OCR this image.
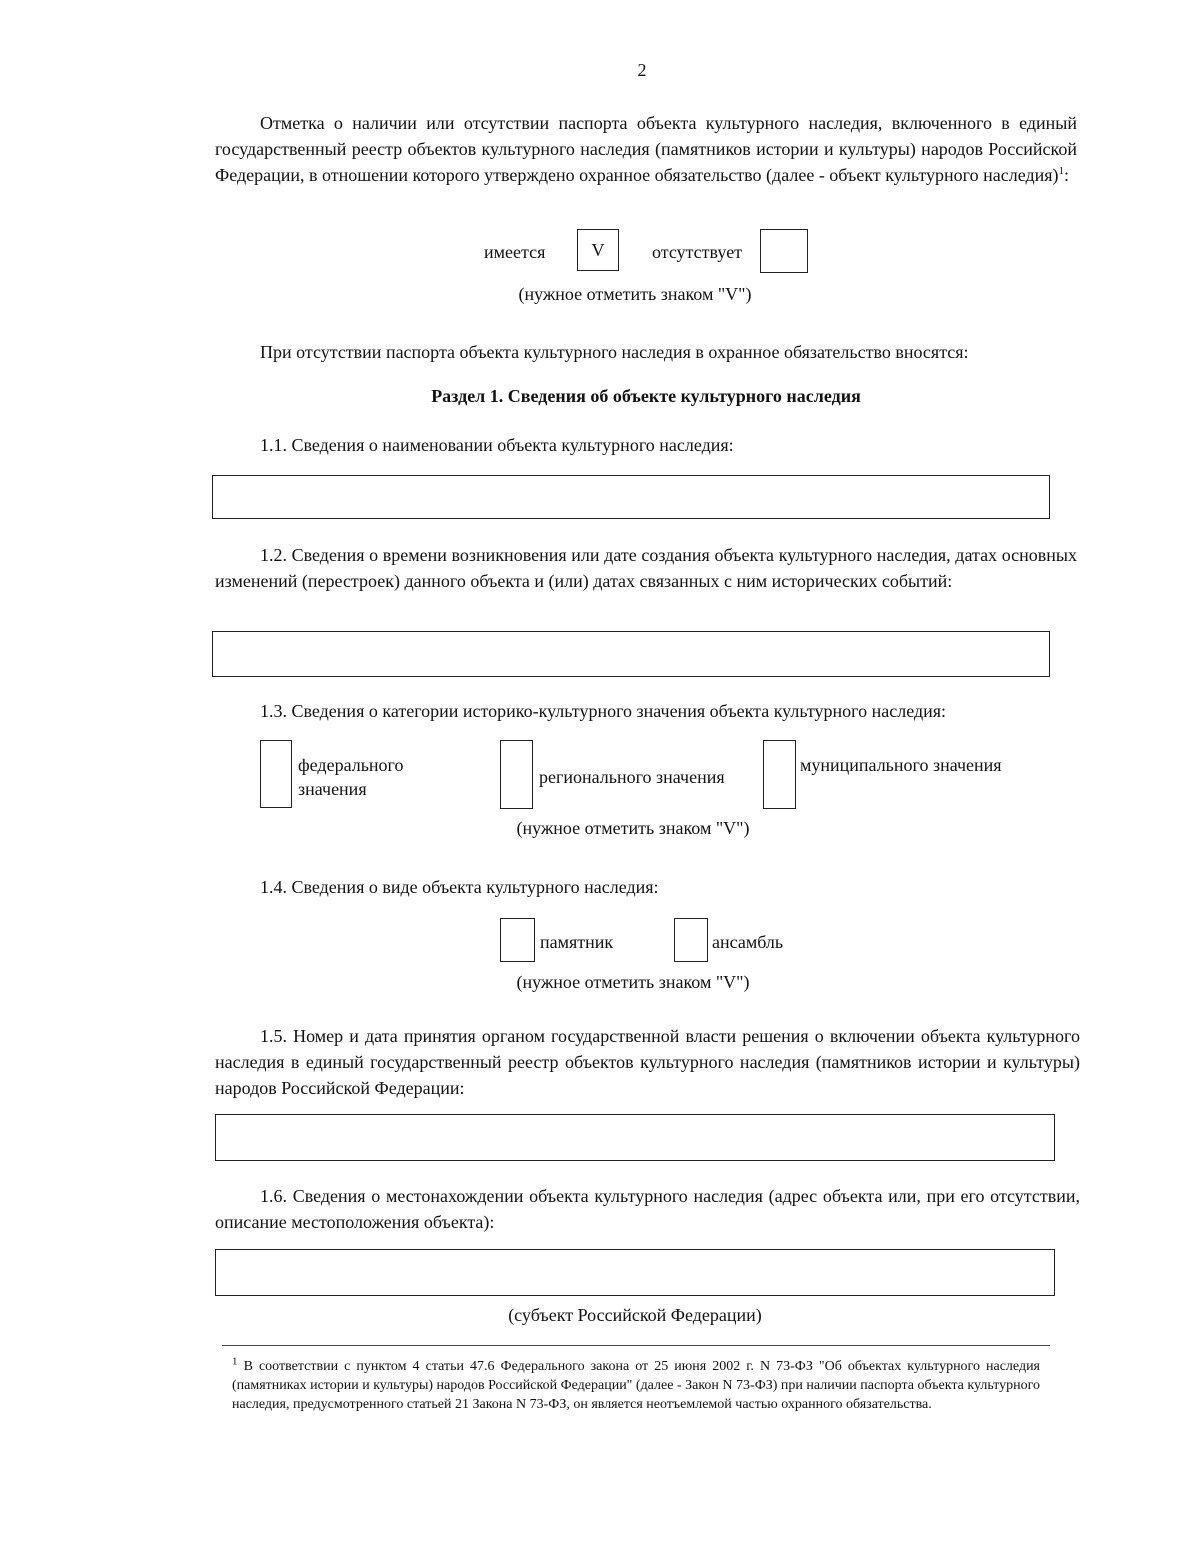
2
Отметка о наличии или отсутствии паспорта объекта культурного наследия, включенного в единый государственный реестр объектов культурного наследия (памятников истории и культуры) народов Российской Федерации, в отношении которого утверждено охранное обязательство (далее - объект культурного наследия)$^1$:
имеется	V	отсутствует
(нужное отметить знаком "V")
При отсутствии паспорта объекта культурного наследия в охранное обязательство вносятся:
Раздел 1. Сведения об объекте культурного наследия
1.1. Сведения о наименовании объекта культурного наследия:
1.2. Сведения о времени возникновения или дате создания объекта культурного наследия, датах основных изменений (перестроек) данного объекта и (или) датах связанных с ним исторических событий:
1.3. Сведения о категории историко-культурного значения объекта культурного наследия:
федерального значения
регионального значения
муниципального значения
(нужное отметить знаком "V")
1.4. Сведения о виде объекта культурного наследия:
памятник	ансамбль
(нужное отметить знаком "V")
1.5. Номер и дата принятия органом государственной власти решения о включении объекта культурного наследия в единый государственный реестр объектов культурного наследия (памятников истории и культуры) народов Российской Федерации:
1.6. Сведения о местонахождении объекта культурного наследия (адрес объекта или, при его отсутствии, описание местоположения объекта):
(субъект Российской Федерации)
$^1$ В соответствии с пунктом 4 статьи 47.6 Федерального закона от 25 июня 2002 г. N 73-ФЗ "Об объектах культурного наследия (памятниках истории и культуры) народов Российской Федерации" (далее - Закон N 73-ФЗ) при наличии паспорта объекта культурного наследия, предусмотренного статьей 21 Закона N 73-ФЗ, он является неотъемлемой частью охранного обязательства.
